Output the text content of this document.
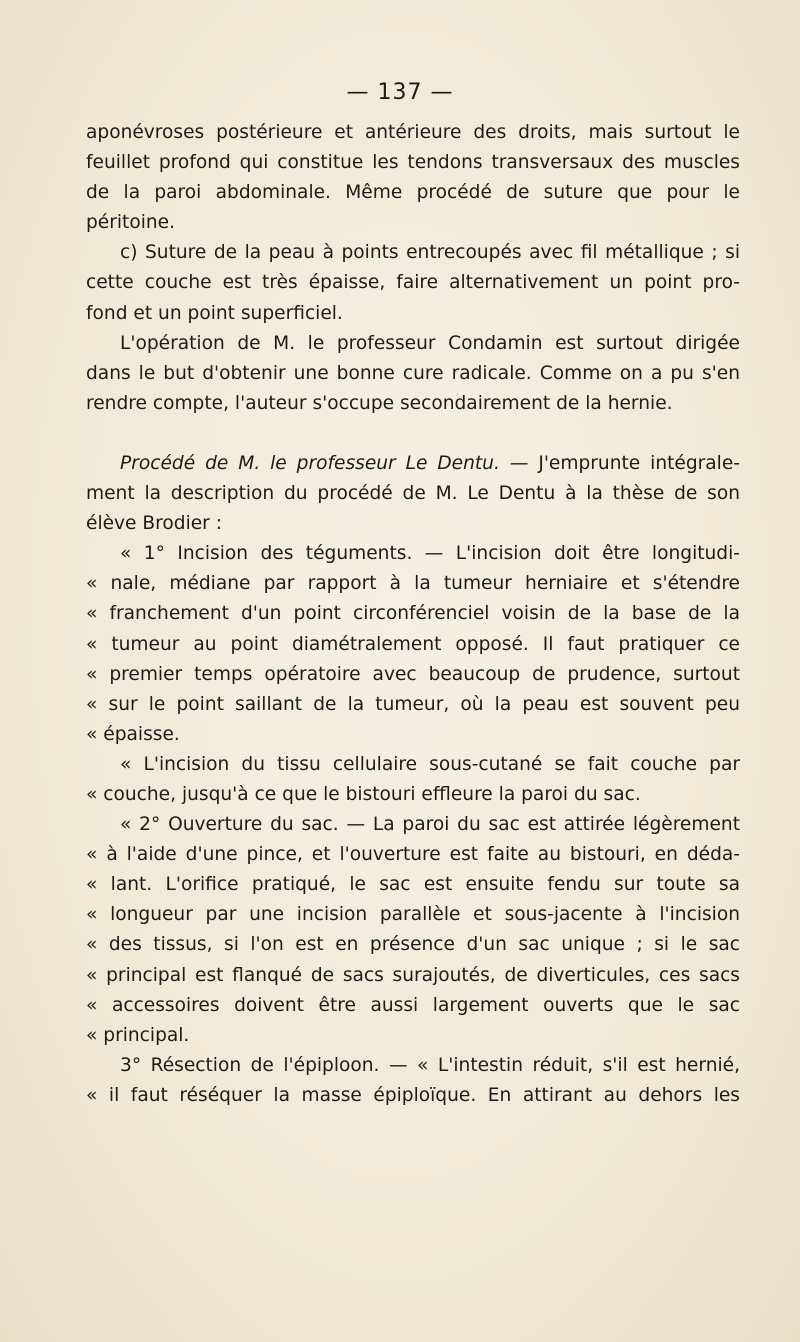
— 137 —
aponévroses postérieure et antérieure des droits, mais surtout le
feuillet profond qui constitue les tendons transversaux des muscles
de la paroi abdominale. Même procédé de suture que pour le
péritoine.
c) Suture de la peau à points entrecoupés avec fil métallique ; si
cette couche est très épaisse, faire alternativement un point pro-
fond et un point superficiel.
L'opération de M. le professeur Condamin est surtout dirigée
dans le but d'obtenir une bonne cure radicale. Comme on a pu s'en
rendre compte, l'auteur s'occupe secondairement de la hernie.
Procédé de M. le professeur Le Dentu. — J'emprunte intégrale-
ment la description du procédé de M. Le Dentu à la thèse de son
élève Brodier :
« 1° Incision des téguments. — L'incision doit être longitudi-
« nale, médiane par rapport à la tumeur herniaire et s'étendre
« franchement d'un point circonférenciel voisin de la base de la
« tumeur au point diamétralement opposé. Il faut pratiquer ce
« premier temps opératoire avec beaucoup de prudence, surtout
« sur le point saillant de la tumeur, où la peau est souvent peu
« épaisse.
« L'incision du tissu cellulaire sous-cutané se fait couche par
« couche, jusqu'à ce que le bistouri effleure la paroi du sac.
« 2° Ouverture du sac. — La paroi du sac est attirée légèrement
« à l'aide d'une pince, et l'ouverture est faite au bistouri, en déda-
« lant. L'orifice pratiqué, le sac est ensuite fendu sur toute sa
« longueur par une incision parallèle et sous-jacente à l'incision
« des tissus, si l'on est en présence d'un sac unique ; si le sac
« principal est flanqué de sacs surajoutés, de diverticules, ces sacs
« accessoires doivent être aussi largement ouverts que le sac
« principal.
3° Résection de l'épiploon. — « L'intestin réduit, s'il est hernié,
« il faut réséquer la masse épiploïque. En attirant au dehors les
